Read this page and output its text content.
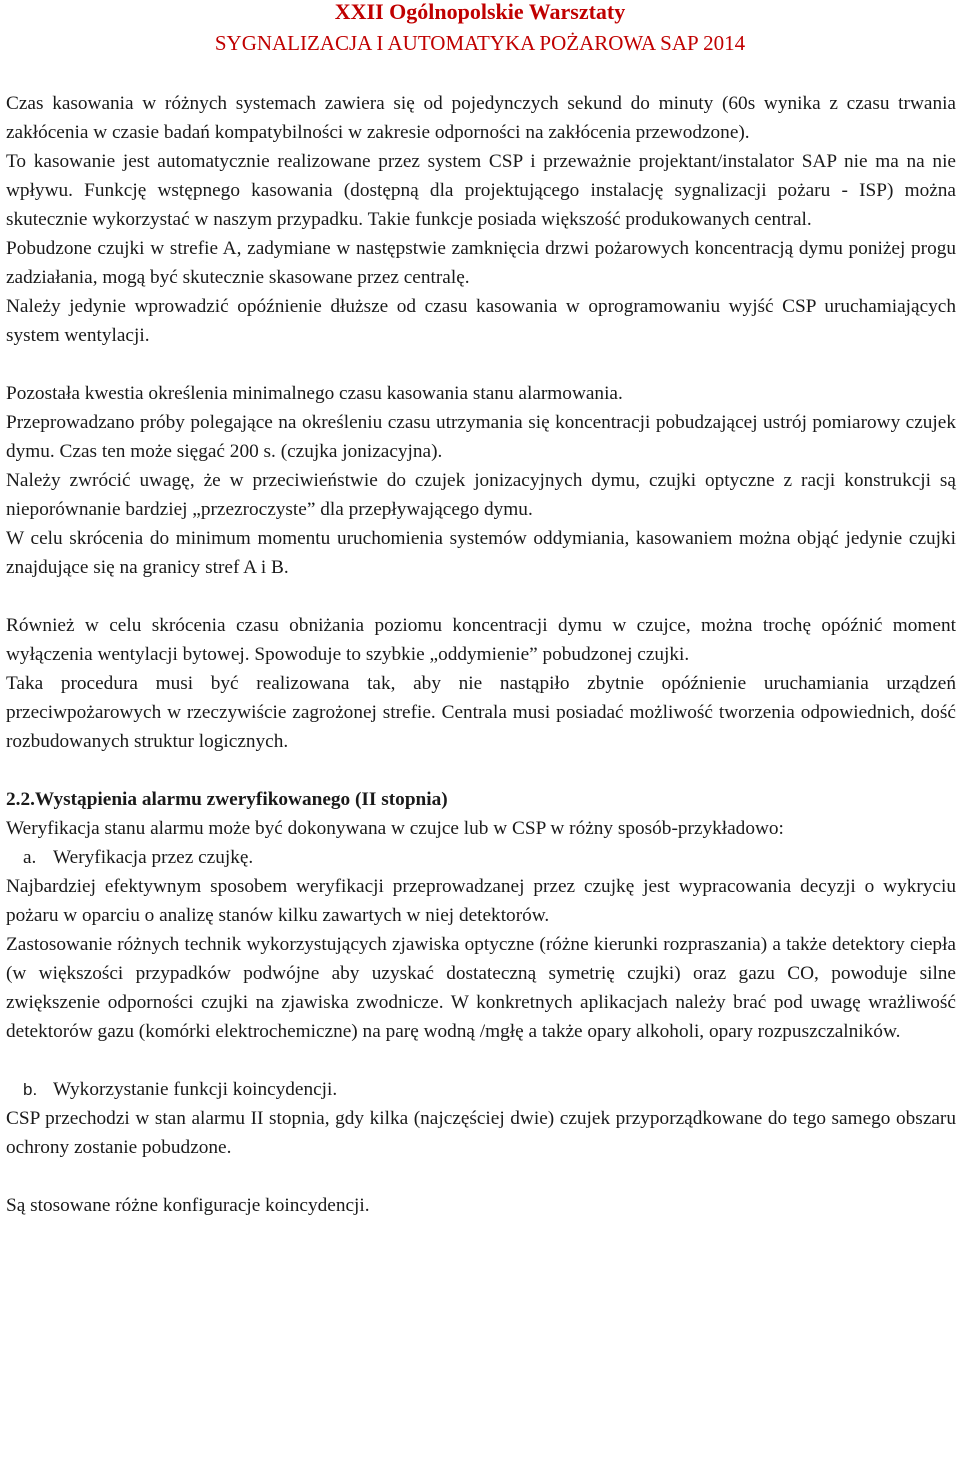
XXII Ogólnopolskie Warsztaty
SYGNALIZACJA I AUTOMATYKA POŻAROWA SAP 2014

Czas kasowania w różnych systemach zawiera się od pojedynczych sekund do minuty (60s wynika z czasu trwania zakłócenia w czasie badań kompatybilności w zakresie odporności na zakłócenia przewodzone).

To kasowanie jest automatycznie realizowane przez system CSP i przeważnie projektant/instalator SAP nie ma na nie wpływu. Funkcję wstępnego kasowania (dostępną dla projektującego instalację sygnalizacji pożaru - ISP) można skutecznie wykorzystać w naszym przypadku. Takie funkcje posiada większość produkowanych central.

Pobudzone czujki w strefie A, zadymiane w następstwie zamknięcia drzwi pożarowych koncentracją dymu poniżej progu zadziałania, mogą być skutecznie skasowane przez centralę.

Należy jedynie wprowadzić opóźnienie dłuższe od czasu kasowania w oprogramowaniu wyjść CSP uruchamiających system wentylacji.

Pozostała kwestia określenia minimalnego czasu kasowania stanu alarmowania.

Przeprowadzano próby polegające na określeniu czasu utrzymania się koncentracji pobudzającej ustrój pomiarowy czujek dymu. Czas ten może sięgać 200 s. (czujka jonizacyjna).

Należy zwrócić uwagę, że w przeciwieństwie do czujek jonizacyjnych dymu, czujki optyczne z racji konstrukcji są nieporównanie bardziej „przezroczyste” dla przepływającego dymu.

W celu skrócenia do minimum momentu uruchomienia systemów oddymiania, kasowaniem można objąć jedynie czujki znajdujące się na granicy stref A i B.

Również w celu skrócenia czasu obniżania poziomu koncentracji dymu w czujce, można trochę opóźnić moment wyłączenia wentylacji bytowej. Spowoduje to szybkie „oddymienie” pobudzonej czujki.

Taka procedura musi być realizowana tak, aby nie nastąpiło zbytnie opóźnienie uruchamiania urządzeń przeciwpożarowych w rzeczywiście zagrożonej strefie. Centrala musi posiadać możliwość tworzenia odpowiednich, dość rozbudowanych struktur logicznych.

2.2.Wystąpienia alarmu zweryfikowanego (II stopnia)

Weryfikacja stanu alarmu może być dokonywana w czujce lub w CSP w różny sposób-przykładowo:

a. Weryfikacja przez czujkę.

Najbardziej efektywnym sposobem weryfikacji przeprowadzanej przez czujkę jest wypracowania decyzji o wykryciu pożaru w oparciu o analizę stanów kilku zawartych w niej detektorów.

Zastosowanie różnych technik wykorzystujących zjawiska optyczne (różne kierunki rozpraszania) a także detektory ciepła (w większości przypadków podwójne aby uzyskać dostateczną symetrię czujki) oraz gazu CO, powoduje silne zwiększenie odporności czujki na zjawiska zwodnicze. W konkretnych aplikacjach należy brać pod uwagę wrażliwość detektorów gazu (komórki elektrochemiczne) na parę wodną /mgłę a także opary alkoholi, opary rozpuszczalników.

b. Wykorzystanie funkcji koincydencji.

CSP przechodzi w stan alarmu II stopnia, gdy kilka (najczęściej dwie) czujek przyporządkowane do tego samego obszaru ochrony zostanie pobudzone.

Są stosowane różne konfiguracje koincydencji.
